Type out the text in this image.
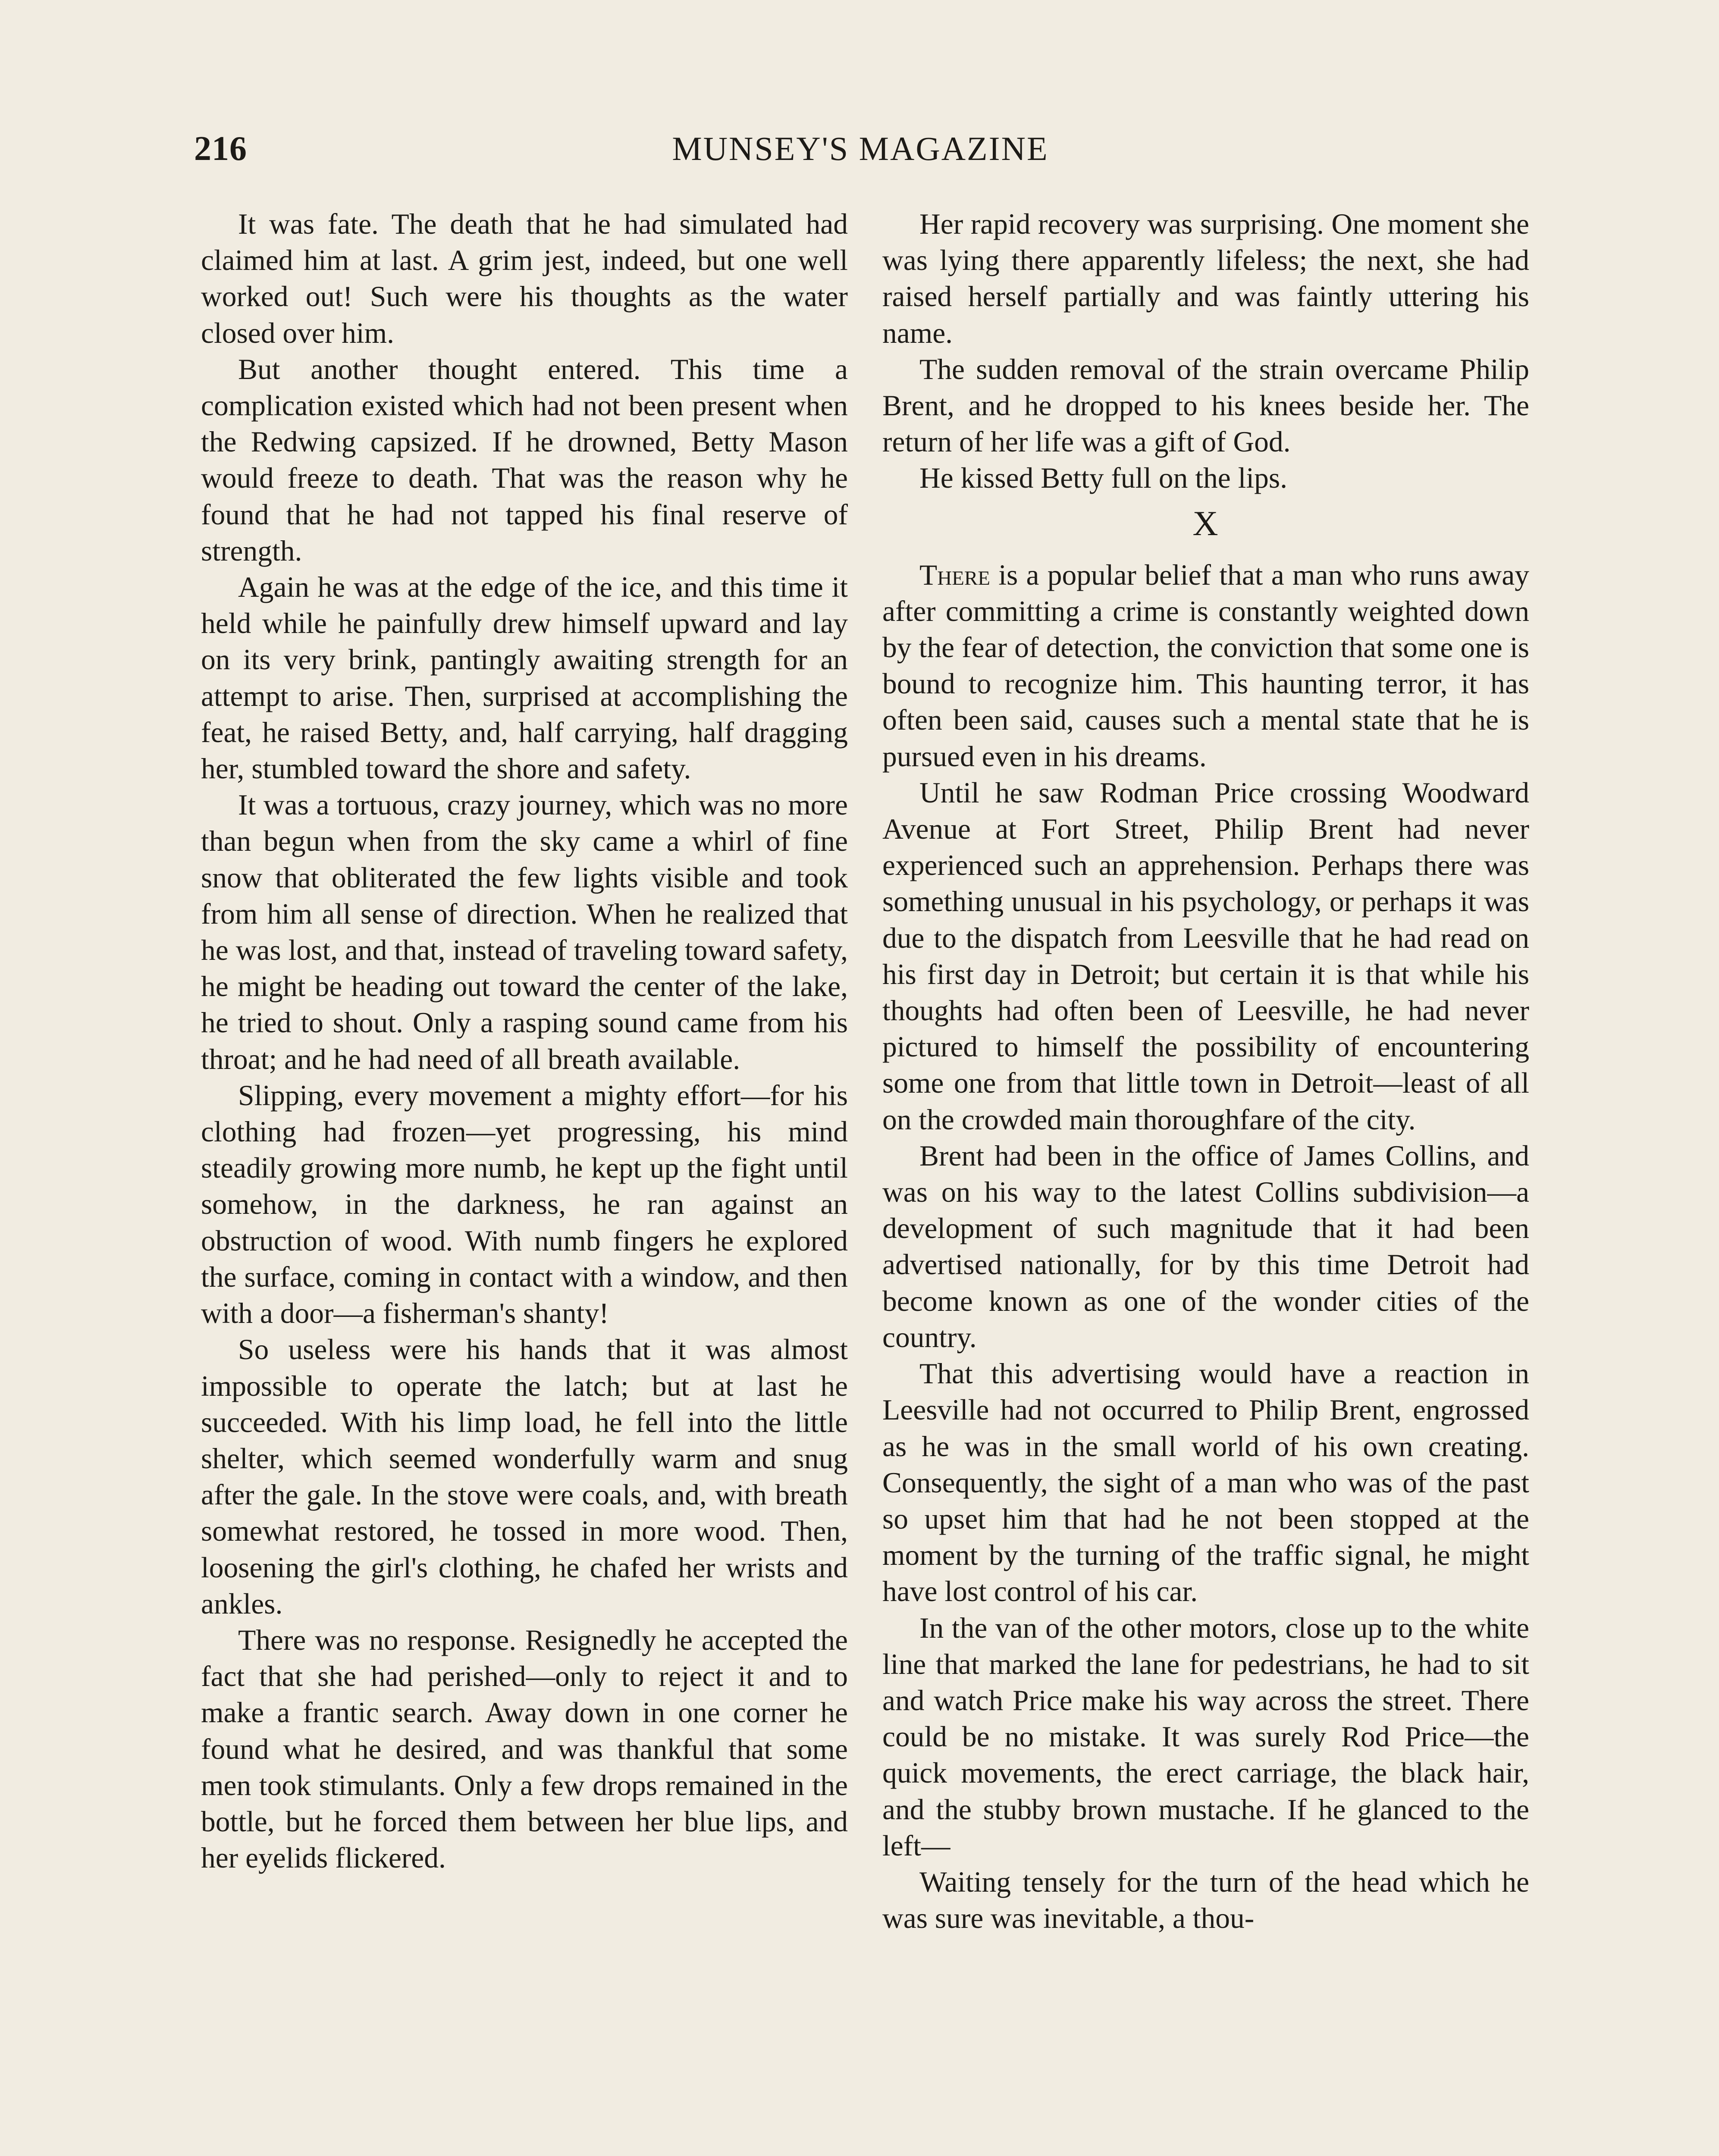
216	MUNSEY'S MAGAZINE

It was fate. The death that he had simulated had claimed him at last. A grim jest, indeed, but one well worked out! Such were his thoughts as the water closed over him.

But another thought entered. This time a complication existed which had not been present when the Redwing capsized. If he drowned, Betty Mason would freeze to death. That was the reason why he found that he had not tapped his final reserve of strength.

Again he was at the edge of the ice, and this time it held while he painfully drew himself upward and lay on its very brink, pantingly awaiting strength for an attempt to arise. Then, surprised at accomplishing the feat, he raised Betty, and, half carrying, half dragging her, stumbled toward the shore and safety.

It was a tortuous, crazy journey, which was no more than begun when from the sky came a whirl of fine snow that obliterated the few lights visible and took from him all sense of direction. When he realized that he was lost, and that, instead of traveling toward safety, he might be heading out toward the center of the lake, he tried to shout. Only a rasping sound came from his throat; and he had need of all breath available.

Slipping, every movement a mighty effort—for his clothing had frozen—yet progressing, his mind steadily growing more numb, he kept up the fight until somehow, in the darkness, he ran against an obstruction of wood. With numb fingers he explored the surface, coming in contact with a window, and then with a door—a fisherman's shanty!

So useless were his hands that it was almost impossible to operate the latch; but at last he succeeded. With his limp load, he fell into the little shelter, which seemed wonderfully warm and snug after the gale. In the stove were coals, and, with breath somewhat restored, he tossed in more wood. Then, loosening the girl's clothing, he chafed her wrists and ankles.

There was no response. Resignedly he accepted the fact that she had perished—only to reject it and to make a frantic search. Away down in one corner he found what he desired, and was thankful that some men took stimulants. Only a few drops remained in the bottle, but he forced them between her blue lips, and her eyelids flickered.

Her rapid recovery was surprising. One moment she was lying there apparently lifeless; the next, she had raised herself partially and was faintly uttering his name.

The sudden removal of the strain overcame Philip Brent, and he dropped to his knees beside her. The return of her life was a gift of God.

He kissed Betty full on the lips.

X

There is a popular belief that a man who runs away after committing a crime is constantly weighted down by the fear of detection, the conviction that some one is bound to recognize him. This haunting terror, it has often been said, causes such a mental state that he is pursued even in his dreams.

Until he saw Rodman Price crossing Woodward Avenue at Fort Street, Philip Brent had never experienced such an apprehension. Perhaps there was something unusual in his psychology, or perhaps it was due to the dispatch from Leesville that he had read on his first day in Detroit; but certain it is that while his thoughts had often been of Leesville, he had never pictured to himself the possibility of encountering some one from that little town in Detroit—least of all on the crowded main thoroughfare of the city.

Brent had been in the office of James Collins, and was on his way to the latest Collins subdivision—a development of such magnitude that it had been advertised nationally, for by this time Detroit had become known as one of the wonder cities of the country.

That this advertising would have a reaction in Leesville had not occurred to Philip Brent, engrossed as he was in the small world of his own creating. Consequently, the sight of a man who was of the past so upset him that had he not been stopped at the moment by the turning of the traffic signal, he might have lost control of his car.

In the van of the other motors, close up to the white line that marked the lane for pedestrians, he had to sit and watch Price make his way across the street. There could be no mistake. It was surely Rod Price—the quick movements, the erect carriage, the black hair, and the stubby brown mustache. If he glanced to the left—

Waiting tensely for the turn of the head which he was sure was inevitable, a thou-
